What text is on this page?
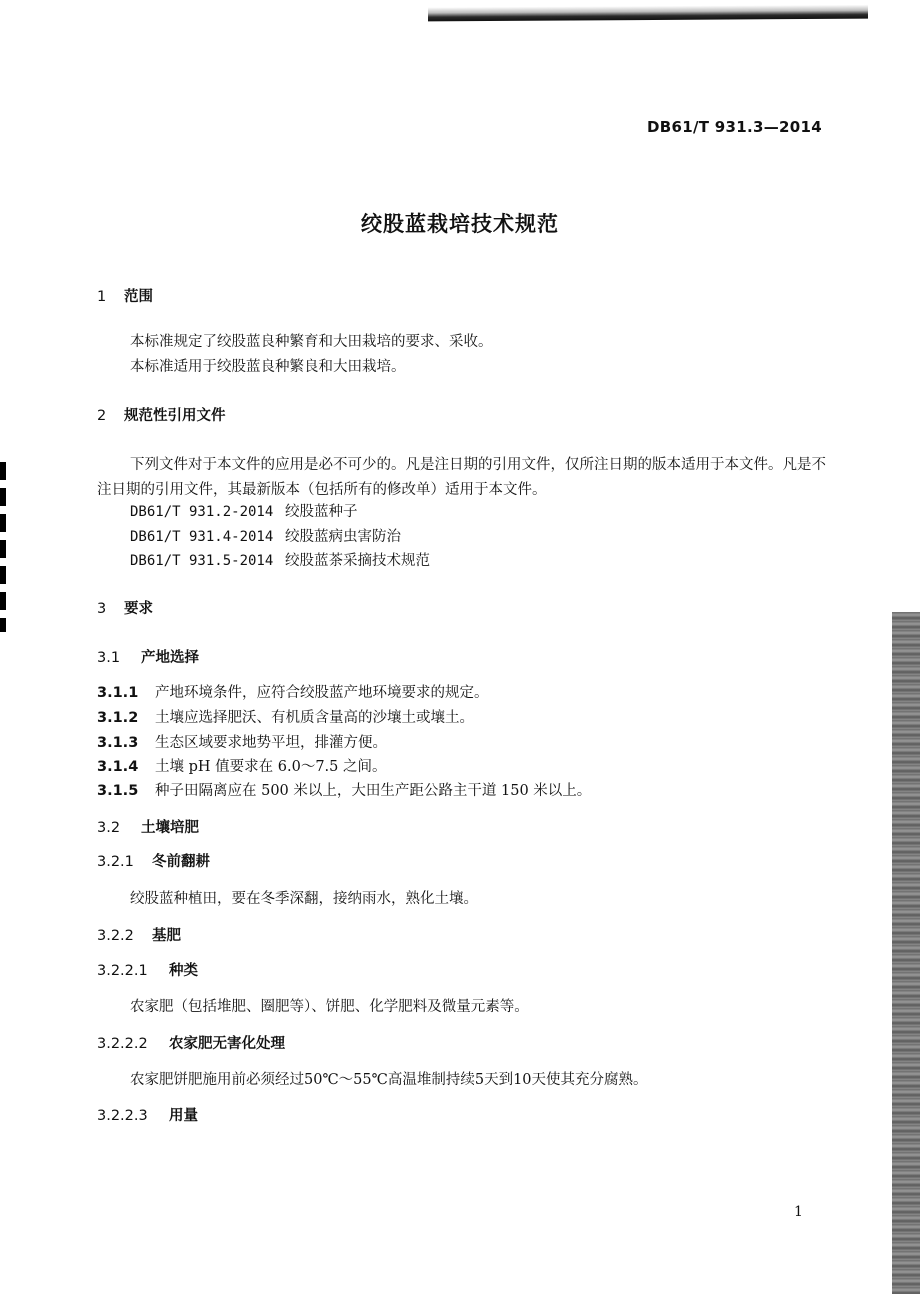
DB61/T 931.3—2014
绞股蓝栽培技术规范
1 范围
本标准规定了绞股蓝良种繁育和大田栽培的要求、采收。
本标准适用于绞股蓝良种繁良和大田栽培。
2 规范性引用文件
下列文件对于本文件的应用是必不可少的。凡是注日期的引用文件，仅所注日期的版本适用于本文件。凡是不注日期的引用文件，其最新版本（包括所有的修改单）适用于本文件。
DB61/T 931.2-2014 绞股蓝种子
DB61/T 931.4-2014 绞股蓝病虫害防治
DB61/T 931.5-2014 绞股蓝茶采摘技术规范
3 要求
3.1 产地选择
3.1.1 产地环境条件，应符合绞股蓝产地环境要求的规定。
3.1.2 土壤应选择肥沃、有机质含量高的沙壤土或壤土。
3.1.3 生态区域要求地势平坦，排灌方便。
3.1.4 土壤 pH 值要求在 6.0～7.5 之间。
3.1.5 种子田隔离应在 500 米以上，大田生产距公路主干道 150 米以上。
3.2 土壤培肥
3.2.1 冬前翻耕
绞股蓝种植田，要在冬季深翻，接纳雨水，熟化土壤。
3.2.2 基肥
3.2.2.1 种类
农家肥（包括堆肥、圈肥等）、饼肥、化学肥料及微量元素等。
3.2.2.2 农家肥无害化处理
农家肥饼肥施用前必须经过50℃～55℃高温堆制持续5天到10天使其充分腐熟。
3.2.2.3 用量
1
